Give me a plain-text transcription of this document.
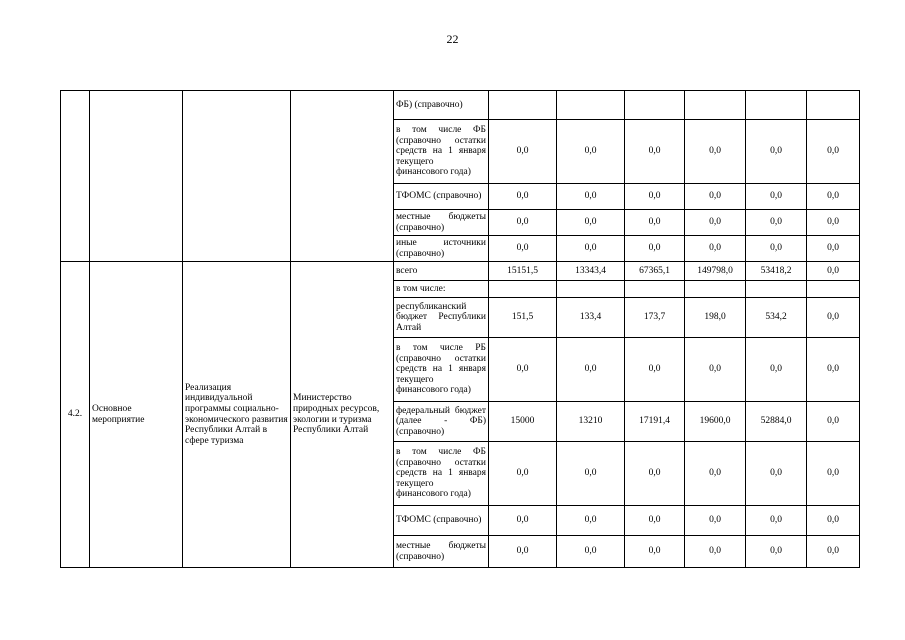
22
				ФБ) (справочно)						
				в том числе ФБ (справочно остатки средств на 1 января текущего финансового года)	0,0	0,0	0,0	0,0	0,0	0,0
				ТФОМС (справочно)	0,0	0,0	0,0	0,0	0,0	0,0
				местные бюджеты (справочно)	0,0	0,0	0,0	0,0	0,0	0,0
				иные источники (справочно)	0,0	0,0	0,0	0,0	0,0	0,0
4.2.	Основное мероприятие	Реализация индивидуальной программы социально-экономического развития Республики Алтай в сфере туризма	Министерство природных ресурсов, экологии и туризма Республики Алтай	всего	15151,5	13343,4	67365,1	149798,0	53418,2	0,0
				в том числе:						
				республиканский бюджет Республики Алтай	151,5	133,4	173,7	198,0	534,2	0,0
				в том числе РБ (справочно остатки средств на 1 января текущего финансового года)	0,0	0,0	0,0	0,0	0,0	0,0
				федеральный бюджет (далее - ФБ) (справочно)	15000	13210	17191,4	19600,0	52884,0	0,0
				в том числе ФБ (справочно остатки средств на 1 января текущего финансового года)	0,0	0,0	0,0	0,0	0,0	0,0
				ТФОМС (справочно)	0,0	0,0	0,0	0,0	0,0	0,0
				местные бюджеты (справочно)	0,0	0,0	0,0	0,0	0,0	0,0
